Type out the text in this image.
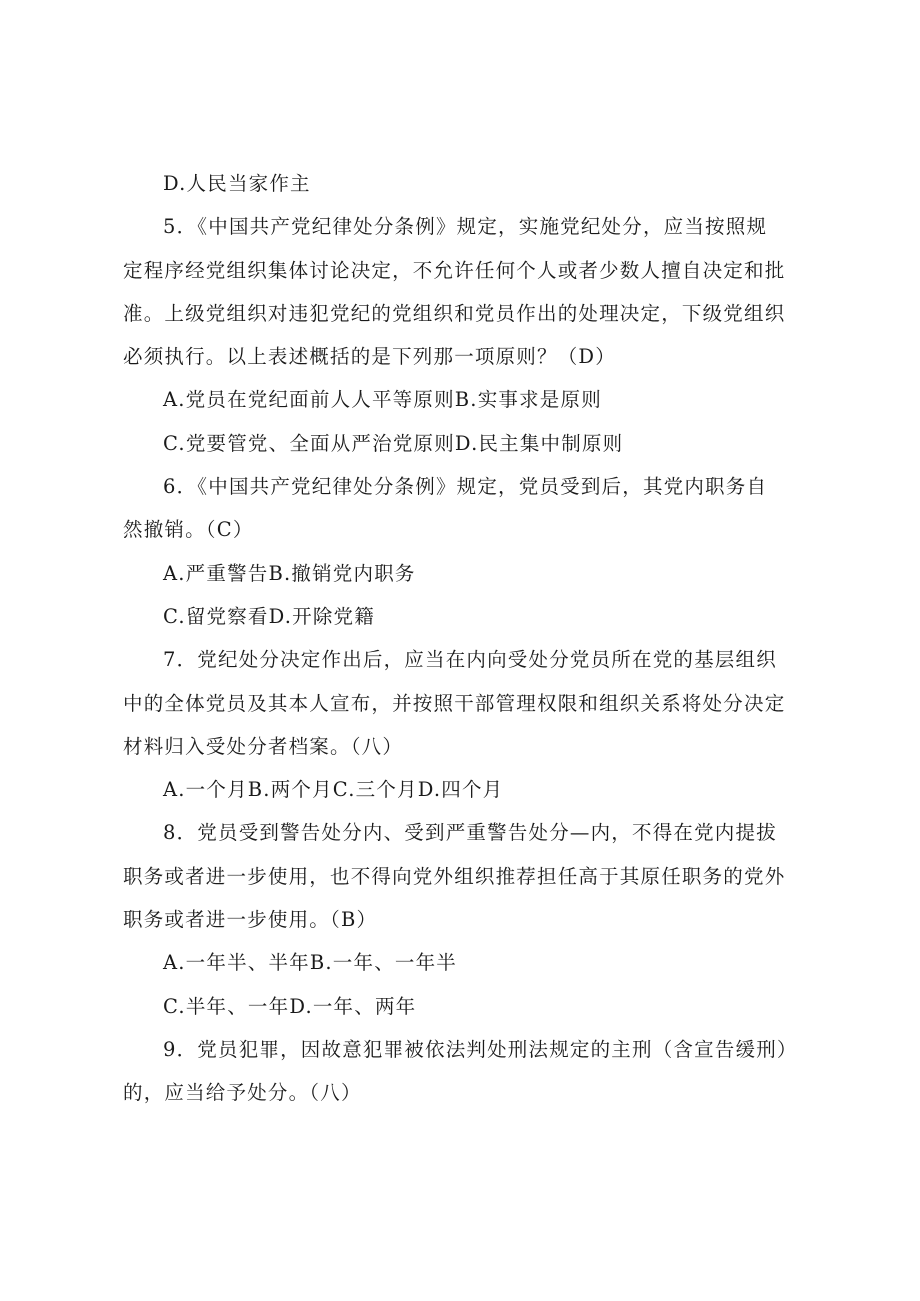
D.人民当家作主

5．《中国共产党纪律处分条例》规定，实施党纪处分，应当按照规
定程序经党组织集体讨论决定，不允许任何个人或者少数人擅自决定和批
准。上级党组织对违犯党纪的党组织和党员作出的处理决定，下级党组织
必须执行。以上表述概括的是下列那一项原则？（D）

A.党员在党纪面前人人平等原则B.实事求是原则
C.党要管党、全面从严治党原则D.民主集中制原则

6．《中国共产党纪律处分条例》规定，党员受到后，其党内职务自
然撤销。（C）

A.严重警告B.撤销党内职务
C.留党察看D.开除党籍

7．党纪处分决定作出后，应当在内向受处分党员所在党的基层组织
中的全体党员及其本人宣布，并按照干部管理权限和组织关系将处分决定
材料归入受处分者档案。（八）

A.一个月B.两个月C.三个月D.四个月

8．党员受到警告处分内、受到严重警告处分—内，不得在党内提拔
职务或者进一步使用，也不得向党外组织推荐担任高于其原任职务的党外
职务或者进一步使用。（B）

A.一年半、半年B.一年、一年半
C.半年、一年D.一年、两年

9．党员犯罪，因故意犯罪被依法判处刑法规定的主刑（含宣告缓刑）
的，应当给予处分。（八）
